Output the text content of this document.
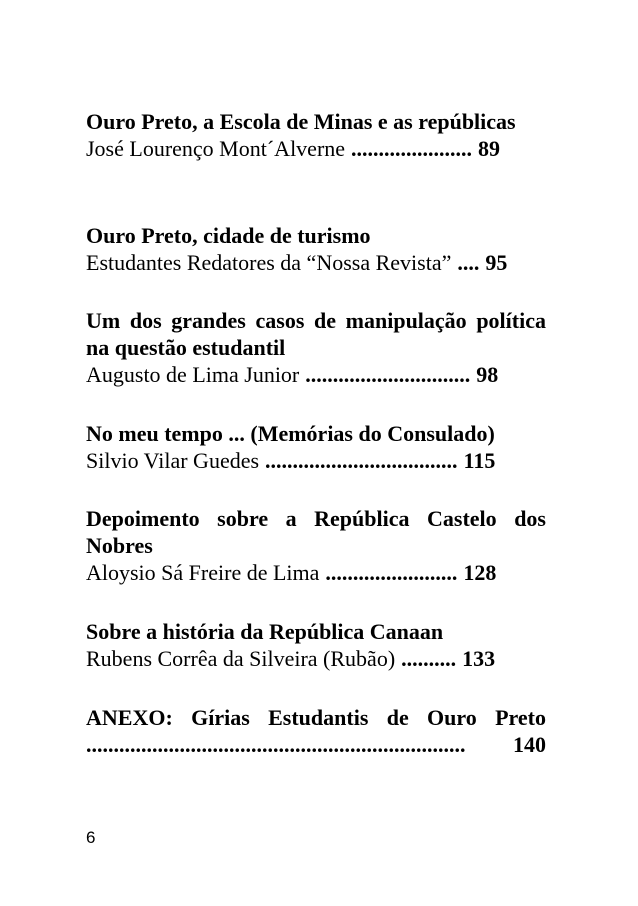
Ouro Preto, a Escola de Minas e as repúblicas
José Lourenço Mont´Alverne ...................... 89
Ouro Preto, cidade de turismo
Estudantes Redatores da “Nossa Revista” .... 95
Um dos grandes casos de manipulação política na questão estudantil
Augusto de Lima Junior .............................. 98
No meu tempo ... (Memórias do Consulado)
Silvio Vilar Guedes ................................... 115
Depoimento sobre a República Castelo dos Nobres
Aloysio Sá Freire de Lima ........................ 128
Sobre a história da República Canaan
Rubens Corrêa da Silveira (Rubão) .......... 133
ANEXO: Gírias Estudantis de Ouro Preto
.....................................................................	140
6
